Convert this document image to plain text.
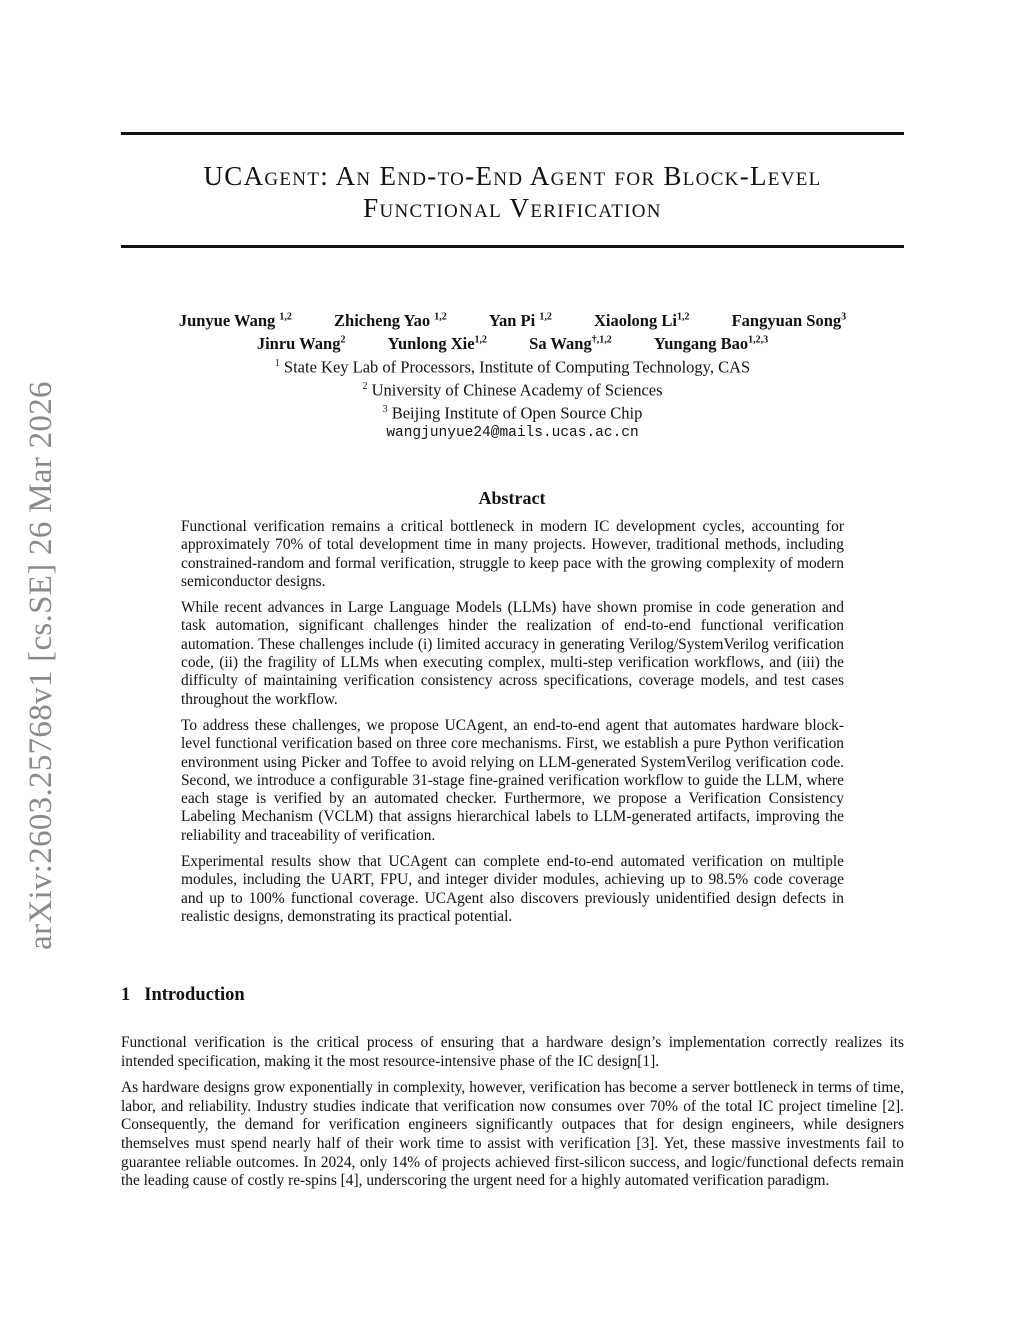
arXiv:2603.25768v1 [cs.SE] 26 Mar 2026
UCAgent: An End-to-End Agent for Block-Level
Functional Verification
Junyue Wang $^{1,2}$	Zhicheng Yao $^{1,2}$	Yan Pi $^{1,2}$	Xiaolong Li$^{1,2}$	Fangyuan Song$^3$
Jinru Wang$^2$	Yunlong Xie$^{1,2}$	Sa Wang$^{\dagger,1,2}$	Yungang Bao$^{1,2,3}$
$^1$ State Key Lab of Processors, Institute of Computing Technology, CAS
$^2$ University of Chinese Academy of Sciences
$^3$ Beijing Institute of Open Source Chip
wangjunyue24@mails.ucas.ac.cn
Abstract

Functional verification remains a critical bottleneck in modern IC development cycles, accounting for approximately 70% of total development time in many projects. However, traditional methods, including constrained-random and formal verification, struggle to keep pace with the growing complexity of modern semiconductor designs.

While recent advances in Large Language Models (LLMs) have shown promise in code generation and task automation, significant challenges hinder the realization of end-to-end functional verification automation. These challenges include (i) limited accuracy in generating Verilog/SystemVerilog verification code, (ii) the fragility of LLMs when executing complex, multi-step verification workflows, and (iii) the difficulty of maintaining verification consistency across specifications, coverage models, and test cases throughout the workflow.

To address these challenges, we propose UCAgent, an end-to-end agent that automates hardware block-level functional verification based on three core mechanisms. First, we establish a pure Python verification environment using Picker and Toffee to avoid relying on LLM-generated SystemVerilog verification code. Second, we introduce a configurable 31-stage fine-grained verification workflow to guide the LLM, where each stage is verified by an automated checker. Furthermore, we propose a Verification Consistency Labeling Mechanism (VCLM) that assigns hierarchical labels to LLM-generated artifacts, improving the reliability and traceability of verification.

Experimental results show that UCAgent can complete end-to-end automated verification on multiple modules, including the UART, FPU, and integer divider modules, achieving up to 98.5% code coverage and up to 100% functional coverage. UCAgent also discovers previously unidentified design defects in realistic designs, demonstrating its practical potential.

1 Introduction

Functional verification is the critical process of ensuring that a hardware design’s implementation correctly realizes its intended specification, making it the most resource-intensive phase of the IC design[1].

As hardware designs grow exponentially in complexity, however, verification has become a server bottleneck in terms of time, labor, and reliability. Industry studies indicate that verification now consumes over 70% of the total IC project timeline [2]. Consequently, the demand for verification engineers significantly outpaces that for design engineers, while designers themselves must spend nearly half of their work time to assist with verification [3]. Yet, these massive investments fail to guarantee reliable outcomes. In 2024, only 14% of projects achieved first-silicon success, and logic/functional defects remain the leading cause of costly re-spins [4], underscoring the urgent need for a highly automated verification paradigm.
